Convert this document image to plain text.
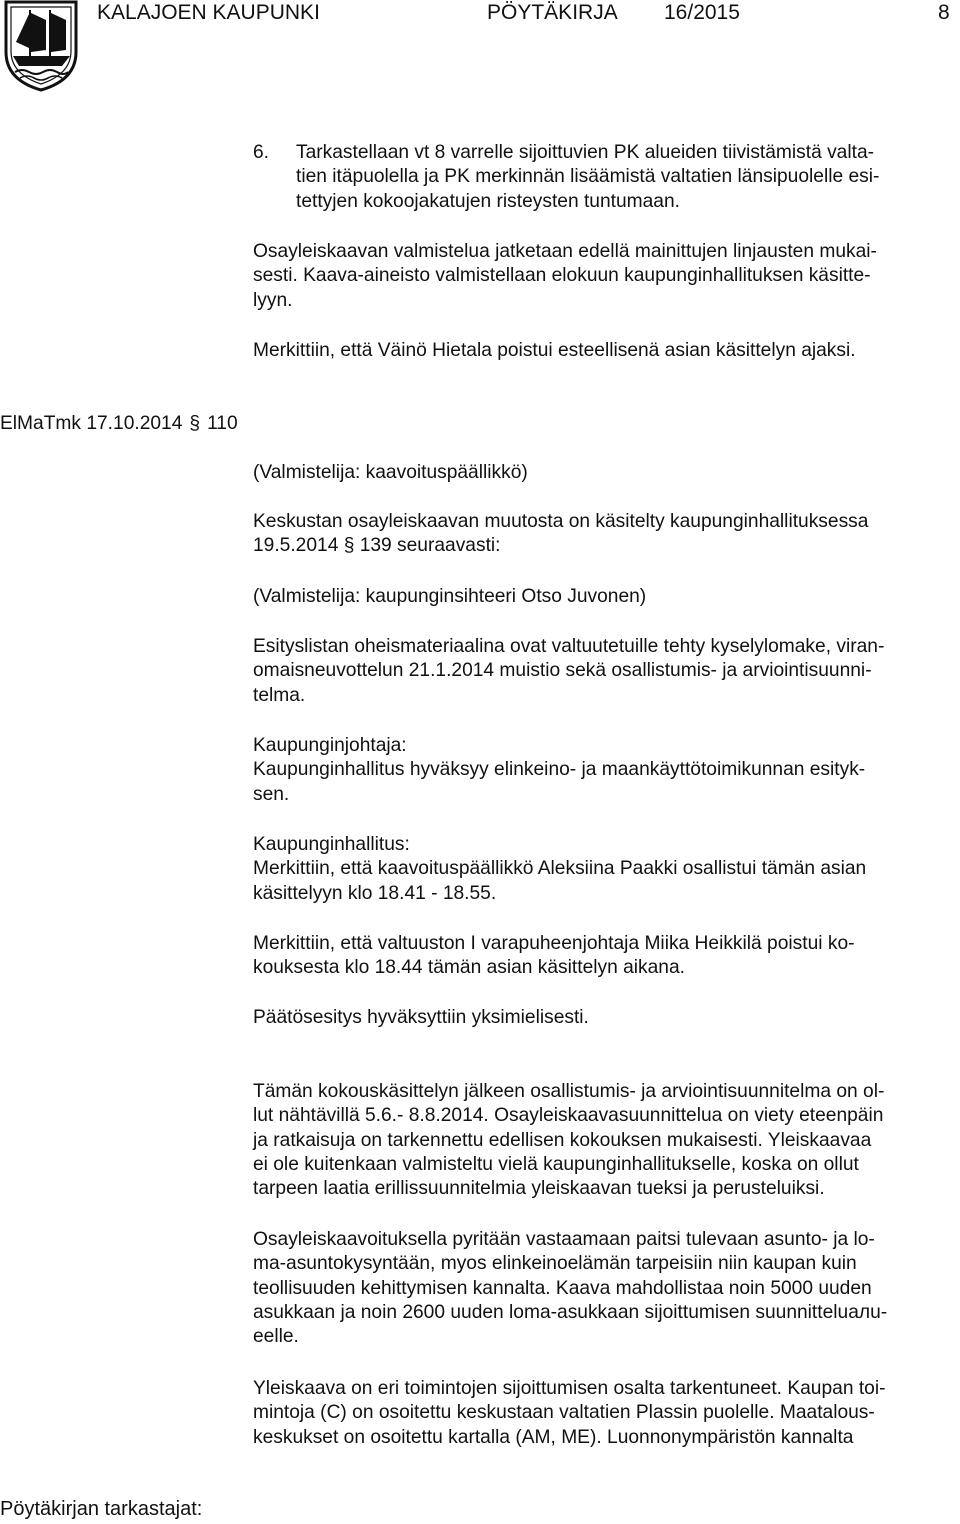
KALAJOEN KAUPUNKI	PÖYTÄKIRJA 16/2015	8
6. Tarkastellaan vt 8 varrelle sijoittuvien PK alueiden tiivistämistä valta-
tien itäpuolella ja PK merkinnän lisäämistä valtatien länsipuolelle esi-
tettyjen kokoojakatujen risteysten tuntumaan.
Osayleiskaavan valmistelua jatketaan edellä mainittujen linjausten mukai-
sesti. Kaava-aineisto valmistellaan elokuun kaupunginhallituksen käsitte-
lyyn.
Merkittiin, että Väinö Hietala poistui esteellisenä asian käsittelyn ajaksi.
ElMaTmk 17.10.2014 § 110
(Valmistelija: kaavoituspäällikkö)
Keskustan osayleiskaavan muutosta on käsitelty kaupunginhallituksessa
19.5.2014 § 139 seuraavasti:
(Valmistelija: kaupunginsihteeri Otso Juvonen)
Esityslistan oheismateriaalina ovat valtuutetuille tehty kyselylomake, viran-
omaisneuvottelun 21.1.2014 muistio sekä osallistumis- ja arviointisuunni-
telma.
Kaupunginjohtaja:
Kaupunginhallitus hyväksyy elinkeino- ja maankäyttötoimikunnan esityk-
sen.
Kaupunginhallitus:
Merkittiin, että kaavoituspäällikkö Aleksiina Paakki osallistui tämän asian
käsittelyyn klo 18.41 - 18.55.
Merkittiin, että valtuuston I varapuheenjohtaja Miika Heikkilä poistui ko-
kouksesta klo 18.44 tämän asian käsittelyn aikana.
Päätösesitys hyväksyttiin yksimielisesti.
Tämän kokouskäsittelyn jälkeen osallistumis- ja arviointisuunnitelma on ol-
lut nähtävillä 5.6.- 8.8.2014. Osayleiskaavasuunnittelua on viety eteenpäin
ja ratkaisuja on tarkennettu edellisen kokouksen mukaisesti. Yleiskaavaa
ei ole kuitenkaan valmisteltu vielä kaupunginhallitukselle, koska on ollut
tarpeen laatia erillissuunnitelmia yleiskaavan tueksi ja perusteluiksi.
Osayleiskaavoituksella pyritään vastaamaan paitsi tulevaan asunto- ja lo-
ma-asuntokysyntään, myos elinkeinoelämän tarpeisiin niin kaupan kuin
teollisuuden kehittymisen kannalta. Kaava mahdollistaa noin 5000 uuden
asukkaan ja noin 2600 uuden loma-asukkaan sijoittumisen suunnitteluaлu-
eelle.
Yleiskaava on eri toimintojen sijoittumisen osalta tarkentuneet. Kaupan toi-
mintoja (C) on osoitettu keskustaan valtatien Plassin puolelle. Maatalous-
keskukset on osoitettu kartalla (AM, ME). Luonnonympäristön kannalta
Pöytäkirjan tarkastajat:
